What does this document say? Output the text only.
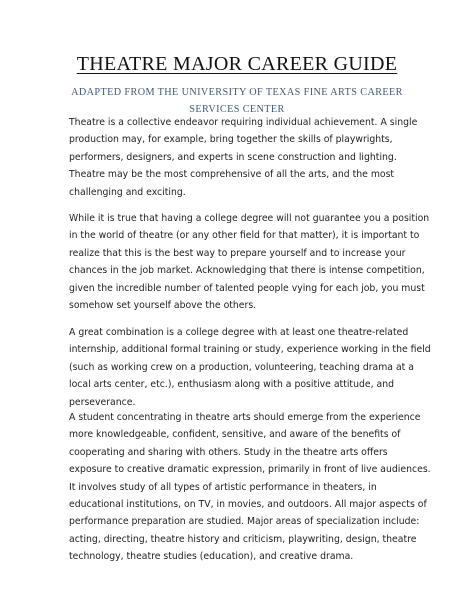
THEATRE MAJOR CAREER GUIDE
ADAPTED FROM THE UNIVERSITY OF TEXAS FINE ARTS CAREER
SERVICES CENTER
Theatre is a collective endeavor requiring individual achievement. A single
production may, for example, bring together the skills of playwrights,
performers, designers, and experts in scene construction and lighting.
Theatre may be the most comprehensive of all the arts, and the most
challenging and exciting.
While it is true that having a college degree will not guarantee you a position
in the world of theatre (or any other field for that matter), it is important to
realize that this is the best way to prepare yourself and to increase your
chances in the job market. Acknowledging that there is intense competition,
given the incredible number of talented people vying for each job, you must
somehow set yourself above the others.
A great combination is a college degree with at least one theatre-related
internship, additional formal training or study, experience working in the field
(such as working crew on a production, volunteering, teaching drama at a
local arts center, etc.), enthusiasm along with a positive attitude, and
perseverance.
A student concentrating in theatre arts should emerge from the experience
more knowledgeable, confident, sensitive, and aware of the benefits of
cooperating and sharing with others. Study in the theatre arts offers
exposure to creative dramatic expression, primarily in front of live audiences.
It involves study of all types of artistic performance in theaters, in
educational institutions, on TV, in movies, and outdoors. All major aspects of
performance preparation are studied. Major areas of specialization include:
acting, directing, theatre history and criticism, playwriting, design, theatre
technology, theatre studies (education), and creative drama.
